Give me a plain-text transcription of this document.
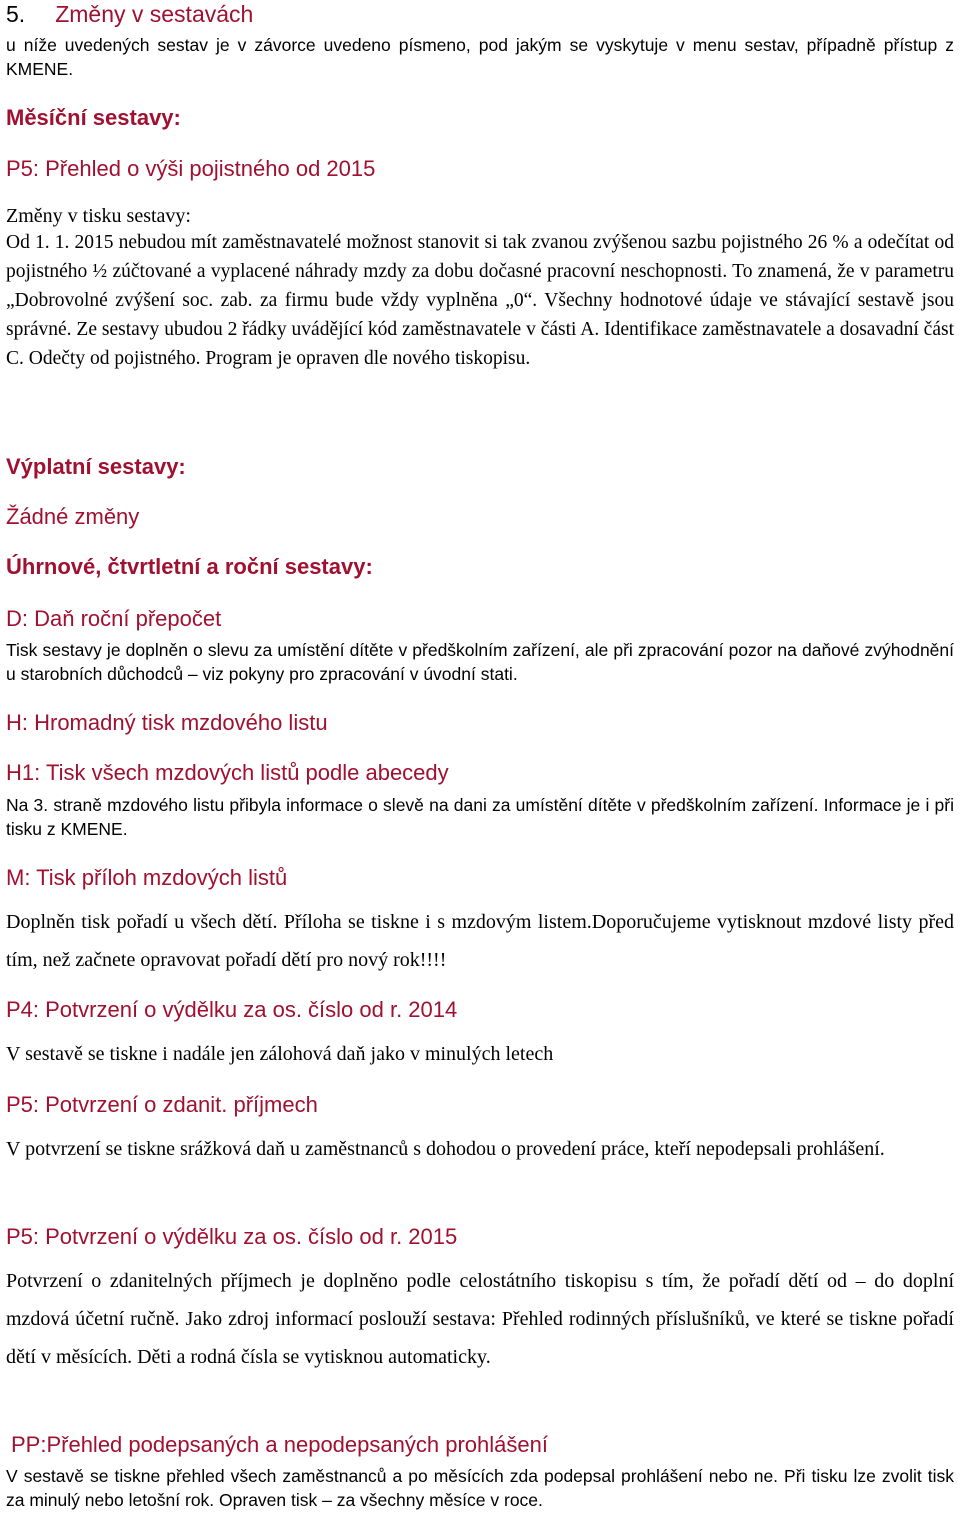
5. Změny v sestavách

u níže uvedených sestav je v závorce uvedeno písmeno, pod jakým se vyskytuje v menu sestav, případně přístup z KMENE.

Měsíční sestavy:
P5: Přehled o výši pojistného od 2015
Změny v tisku sestavy:

Od 1. 1. 2015 nebudou mít zaměstnavatelé možnost stanovit si tak zvanou zvýšenou sazbu pojistného 26 % a odečítat od pojistného ½ zúčtované a vyplacené náhrady mzdy za dobu dočasné pracovní neschopnosti. To znamená, že v parametru „Dobrovolné zvýšení soc. zab. za firmu bude vždy vyplněna „0“. Všechny hodnotové údaje ve stávající sestavě jsou správné. Ze sestavy ubudou 2 řádky uvádějící kód zaměstnavatele v části A. Identifikace zaměstnavatele a dosavadní část C. Odečty od pojistného. Program je opraven dle nového tiskopisu.

Výplatní sestavy:
Žádné změny
Úhrnové, čtvrtletní a roční sestavy:
D: Daň roční přepočet

Tisk sestavy je doplněn o slevu za umístění dítěte v předškolním zařízení, ale při zpracování pozor na daňové zvýhodnění u starobních důchodců – viz pokyny pro zpracování v úvodní stati.

H: Hromadný tisk mzdového listu
H1: Tisk všech mzdových listů podle abecedy

Na 3. straně mzdového listu přibyla informace o slevě na dani za umístění dítěte v předškolním zařízení. Informace je i při tisku z KMENE.

M: Tisk příloh mzdových listů

Doplněn tisk pořadí u všech dětí. Příloha se tiskne i s mzdovým listem.Doporučujeme vytisknout mzdové listy před tím, než začnete opravovat pořadí dětí pro nový rok!!!!

P4: Potvrzení o výdělku za os. číslo od r. 2014
V sestavě se tiskne i nadále jen zálohová daň jako v minulých letech
P5: Potvrzení o zdanit. příjmech

V potvrzení se tiskne srážková daň u zaměstnanců s dohodou o provedení práce, kteří nepodepsali prohlášení.

P5: Potvrzení o výdělku za os. číslo od r. 2015

Potvrzení o zdanitelných příjmech je doplněno podle celostátního tiskopisu s tím, že pořadí dětí od – do doplní mzdová účetní ručně. Jako zdroj informací poslouží sestava: Přehled rodinných příslušníků, ve které se tiskne pořadí dětí v měsících. Děti a rodná čísla se vytisknou automaticky.

PP:Přehled podepsaných a nepodepsaných prohlášení

V sestavě se tiskne přehled všech zaměstnanců a po měsících zda podepsal prohlášení nebo ne. Při tisku lze zvolit tisk za minulý nebo letošní rok. Opraven tisk – za všechny měsíce v roce.
